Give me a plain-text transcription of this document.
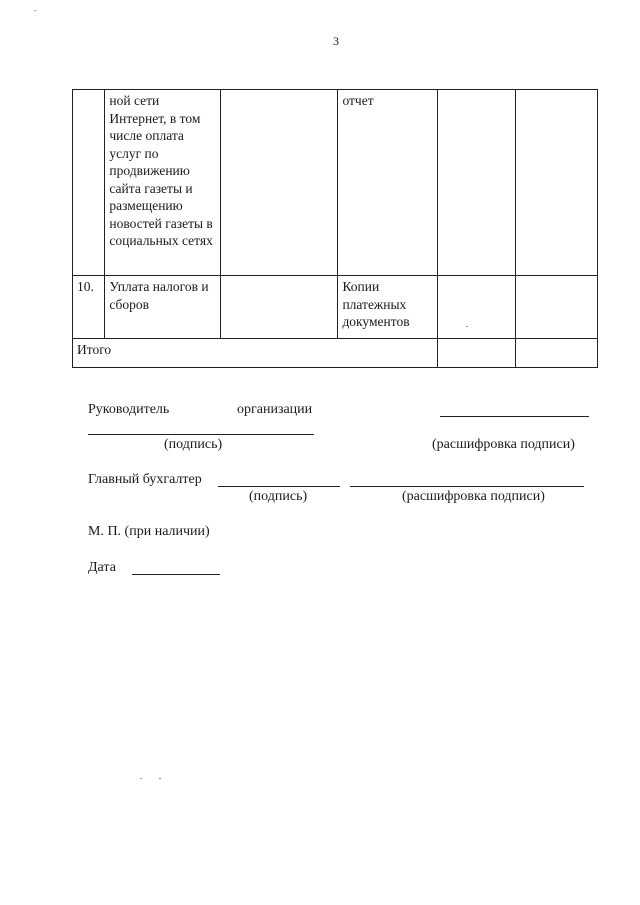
-
3
	ной сети Интернет, в том числе оплата услуг по продвижению сайта газеты и размещению новостей газеты в социальных сетях		отчет		
10.	Уплата налогов и сборов		Копии платежных документов		
Итого					
Руководитель	организации
(подпись)	(расшифровка подписи)
Главный бухгалтер
(подпись)	(расшифровка подписи)
М. П. (при наличии)
Дата
